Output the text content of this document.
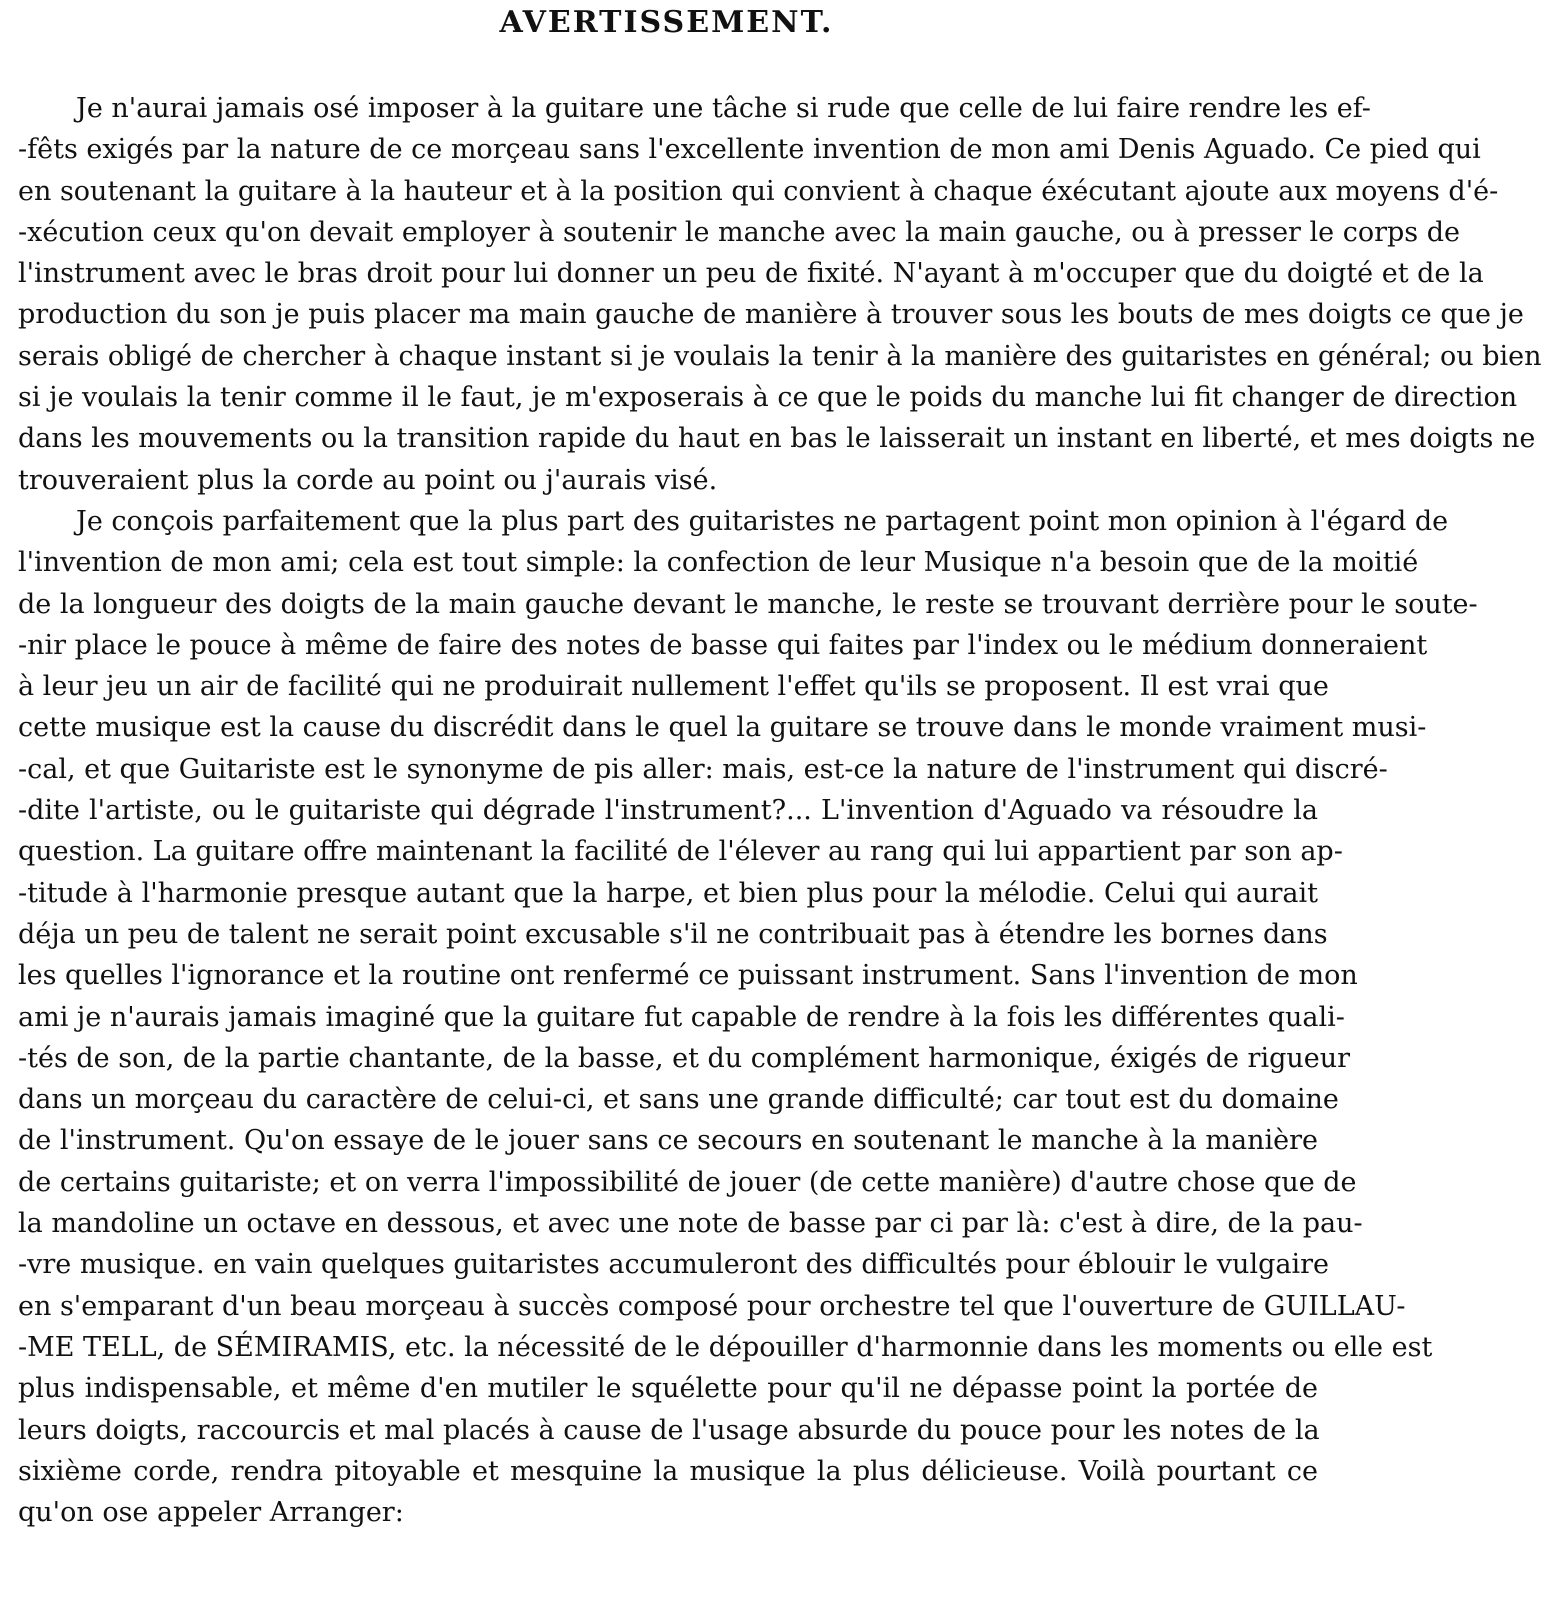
AVERTISSEMENT.
Je n'aurai jamais osé imposer à la guitare une tâche si rude que celle de lui faire rendre les ef-
-fêts exigés par la nature de ce morçeau sans l'excellente invention de mon ami Denis Aguado. Ce pied qui
en soutenant la guitare à la hauteur et à la position qui convient à chaque éxécutant ajoute aux moyens d'é-
-xécution ceux qu'on devait employer à soutenir le manche avec la main gauche, ou à presser le corps de
l'instrument avec le bras droit pour lui donner un peu de fixité. N'ayant à m'occuper que du doigté et de la
production du son je puis placer ma main gauche de manière à trouver sous les bouts de mes doigts ce que je
serais obligé de chercher à chaque instant si je voulais la tenir à la manière des guitaristes en général; ou bien
si je voulais la tenir comme il le faut, je m'exposerais à ce que le poids du manche lui fit changer de direction
dans les mouvements ou la transition rapide du haut en bas le laisserait un instant en liberté, et mes doigts ne
trouveraient plus la corde au point ou j'aurais visé.
Je conçois parfaitement que la plus part des guitaristes ne partagent point mon opinion à l'égard de
l'invention de mon ami; cela est tout simple: la confection de leur Musique n'a besoin que de la moitié
de la longueur des doigts de la main gauche devant le manche, le reste se trouvant derrière pour le soute-
-nir place le pouce à même de faire des notes de basse qui faites par l'index ou le médium donneraient
à leur jeu un air de facilité qui ne produirait nullement l'effet qu'ils se proposent. Il est vrai que
cette musique est la cause du discrédit dans le quel la guitare se trouve dans le monde vraiment musi-
-cal, et que Guitariste est le synonyme de pis aller: mais, est-ce la nature de l'instrument qui discré-
-dite l'artiste, ou le guitariste qui dégrade l'instrument?... L'invention d'Aguado va résoudre la
question. La guitare offre maintenant la facilité de l'élever au rang qui lui appartient par son ap-
-titude à l'harmonie presque autant que la harpe, et bien plus pour la mélodie. Celui qui aurait
déja un peu de talent ne serait point excusable s'il ne contribuait pas à étendre les bornes dans
les quelles l'ignorance et la routine ont renfermé ce puissant instrument. Sans l'invention de mon
ami je n'aurais jamais imaginé que la guitare fut capable de rendre à la fois les différentes quali-
-tés de son, de la partie chantante, de la basse, et du complément harmonique, éxigés de rigueur
dans un morçeau du caractère de celui-ci, et sans une grande difficulté; car tout est du domaine
de l'instrument. Qu'on essaye de le jouer sans ce secours en soutenant le manche à la manière
de certains guitariste; et on verra l'impossibilité de jouer (de cette manière) d'autre chose que de
la mandoline un octave en dessous, et avec une note de basse par ci par là: c'est à dire, de la pau-
-vre musique. en vain quelques guitaristes accumuleront des difficultés pour éblouir le vulgaire
en s'emparant d'un beau morçeau à succès composé pour orchestre tel que l'ouverture de GUILLAU-
-ME TELL, de SÉMIRAMIS, etc. la nécessité de le dépouiller d'harmonnie dans les moments ou elle est
plus indispensable, et même d'en mutiler le squélette pour qu'il ne dépasse point la portée de
leurs doigts, raccourcis et mal placés à cause de l'usage absurde du pouce pour les notes de la
sixième corde, rendra pitoyable et mesquine la musique la plus délicieuse. Voilà pourtant ce
qu'on ose appeler Arranger:
